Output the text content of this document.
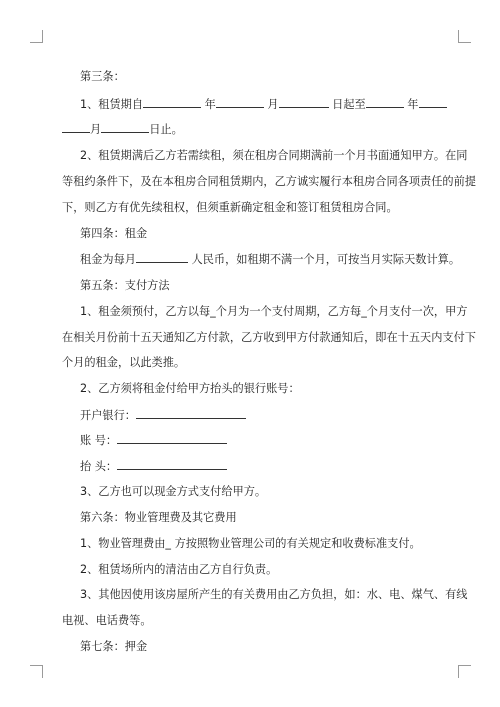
第三条：
1、租赁期自	年	月	日起至	年
月	日止。
2、租赁期满后乙方若需续租，须在租房合同期满前一个月书面通知甲方。在同
等租约条件下，及在本租房合同租赁期内，乙方诚实履行本租房合同各项责任的前提
下，则乙方有优先续租权，但须重新确定租金和签订租赁租房合同。
第四条：租金
租金为每月	人民币，如租期不满一个月，可按当月实际天数计算。
第五条：支付方法
1、租金须预付，乙方以每_个月为一个支付周期，乙方每_个月支付一次，甲方
在相关月份前十五天通知乙方付款，乙方收到甲方付款通知后，即在十五天内支付下
个月的租金，以此类推。
2、乙方须将租金付给甲方抬头的银行账号：
开户银行：
账 号：
抬 头：
3、乙方也可以现金方式支付给甲方。
第六条：物业管理费及其它费用
1、物业管理费由_ 方按照物业管理公司的有关规定和收费标准支付。
2、租赁场所内的清洁由乙方自行负责。
3、其他因使用该房屋所产生的有关费用由乙方负担，如：水、电、煤气、有线
电视、电话费等。
第七条：押金
